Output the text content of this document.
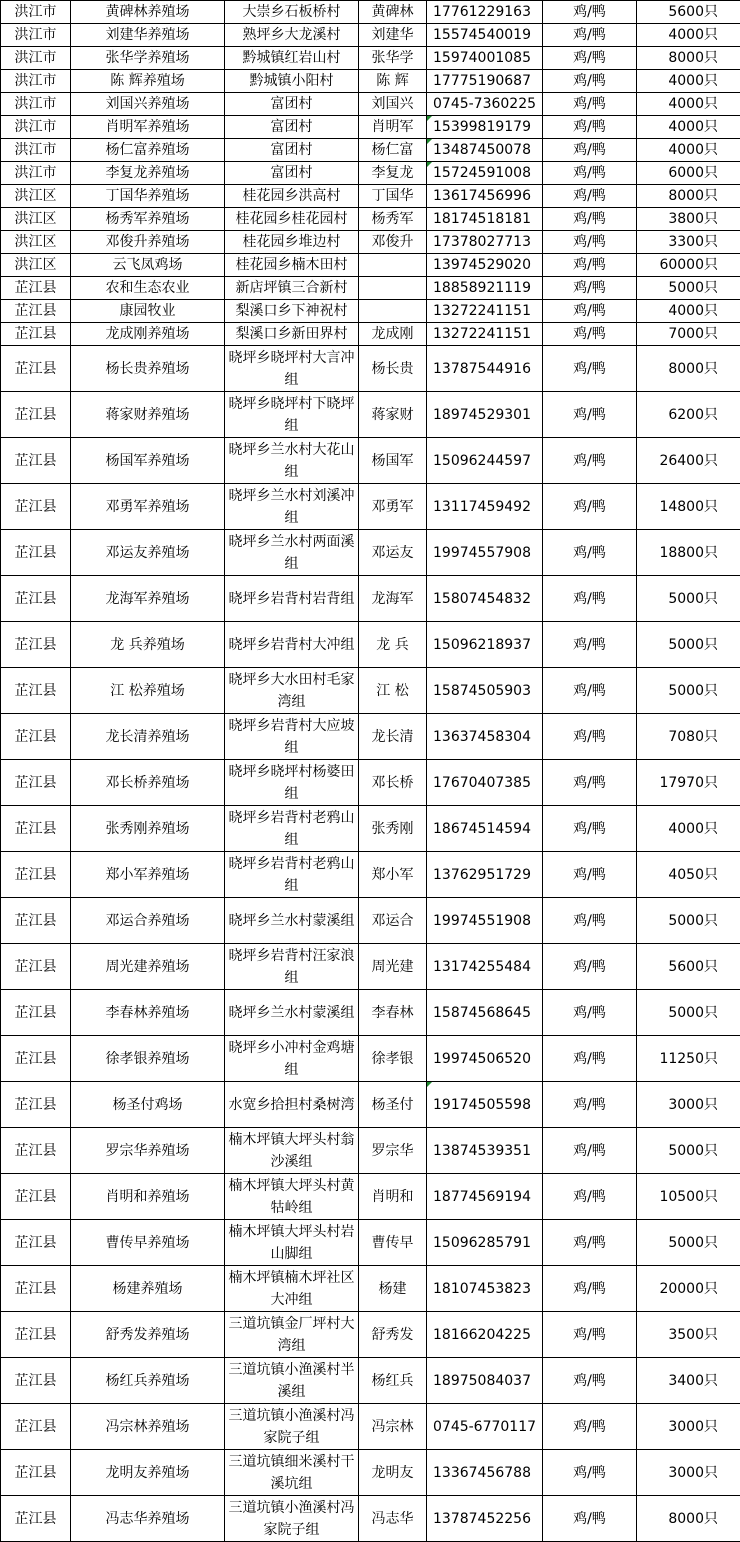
洪江市	黄碑林养殖场	大崇乡石板桥村	黄碑林	17761229163	鸡/鸭	5600只
洪江市	刘建华养殖场	熟坪乡大龙溪村	刘建华	15574540019	鸡/鸭	4000只
洪江市	张华学养殖场	黔城镇红岩山村	张华学	15974001085	鸡/鸭	8000只
洪江市	陈 辉养殖场	黔城镇小阳村	陈 辉	17775190687	鸡/鸭	4000只
洪江市	刘国兴养殖场	富团村	刘国兴	0745-7360225	鸡/鸭	4000只
洪江市	肖明军养殖场	富团村	肖明军	15399819179	鸡/鸭	4000只
洪江市	杨仁富养殖场	富团村	杨仁富	13487450078	鸡/鸭	4000只
洪江市	李复龙养殖场	富团村	李复龙	15724591008	鸡/鸭	6000只
洪江区	丁国华养殖场	桂花园乡洪高村	丁国华	13617456996	鸡/鸭	8000只
洪江区	杨秀军养殖场	桂花园乡桂花园村	杨秀军	18174518181	鸡/鸭	3800只
洪江区	邓俊升养殖场	桂花园乡堆边村	邓俊升	17378027713	鸡/鸭	3300只
洪江区	云飞凤鸡场	桂花园乡楠木田村		13974529020	鸡/鸭	60000只
芷江县	农和生态农业	新店坪镇三合新村		18858921119	鸡/鸭	5000只
芷江县	康园牧业	梨溪口乡下神祝村		13272241151	鸡/鸭	4000只
芷江县	龙成刚养殖场	梨溪口乡新田界村	龙成刚	13272241151	鸡/鸭	7000只
芷江县	杨长贵养殖场	晓坪乡晓坪村大言冲组	杨长贵	13787544916	鸡/鸭	8000只
芷江县	蒋家财养殖场	晓坪乡晓坪村下晓坪组	蒋家财	18974529301	鸡/鸭	6200只
芷江县	杨国军养殖场	晓坪乡兰水村大花山组	杨国军	15096244597	鸡/鸭	26400只
芷江县	邓勇军养殖场	晓坪乡兰水村刘溪冲组	邓勇军	13117459492	鸡/鸭	14800只
芷江县	邓运友养殖场	晓坪乡兰水村两面溪组	邓运友	19974557908	鸡/鸭	18800只
芷江县	龙海军养殖场	晓坪乡岩背村岩背组	龙海军	15807454832	鸡/鸭	5000只
芷江县	龙 兵养殖场	晓坪乡岩背村大冲组	龙 兵	15096218937	鸡/鸭	5000只
芷江县	江 松养殖场	晓坪乡大水田村毛家湾组	江 松	15874505903	鸡/鸭	5000只
芷江县	龙长清养殖场	晓坪乡岩背村大应坡组	龙长清	13637458304	鸡/鸭	7080只
芷江县	邓长桥养殖场	晓坪乡晓坪村杨婆田组	邓长桥	17670407385	鸡/鸭	17970只
芷江县	张秀刚养殖场	晓坪乡岩背村老鸦山组	张秀刚	18674514594	鸡/鸭	4000只
芷江县	郑小军养殖场	晓坪乡岩背村老鸦山组	郑小军	13762951729	鸡/鸭	4050只
芷江县	邓运合养殖场	晓坪乡兰水村蒙溪组	邓运合	19974551908	鸡/鸭	5000只
芷江县	周光建养殖场	晓坪乡岩背村汪家浪组	周光建	13174255484	鸡/鸭	5600只
芷江县	李春林养殖场	晓坪乡兰水村蒙溪组	李春林	15874568645	鸡/鸭	5000只
芷江县	徐孝银养殖场	晓坪乡小冲村金鸡塘组	徐孝银	19974506520	鸡/鸭	11250只
芷江县	杨圣付鸡场	水宽乡拾担村桑树湾	杨圣付	19174505598	鸡/鸭	3000只
芷江县	罗宗华养殖场	楠木坪镇大坪头村翁沙溪组	罗宗华	13874539351	鸡/鸭	5000只
芷江县	肖明和养殖场	楠木坪镇大坪头村黄牯岭组	肖明和	18774569194	鸡/鸭	10500只
芷江县	曹传早养殖场	楠木坪镇大坪头村岩山脚组	曹传早	15096285791	鸡/鸭	5000只
芷江县	杨建养殖场	楠木坪镇楠木坪社区大冲组	杨建	18107453823	鸡/鸭	20000只
芷江县	舒秀发养殖场	三道坑镇金厂坪村大湾组	舒秀发	18166204225	鸡/鸭	3500只
芷江县	杨红兵养殖场	三道坑镇小渔溪村半溪组	杨红兵	18975084037	鸡/鸭	3400只
芷江县	冯宗林养殖场	三道坑镇小渔溪村冯家院子组	冯宗林	0745-6770117	鸡/鸭	3000只
芷江县	龙明友养殖场	三道坑镇细米溪村干溪坑组	龙明友	13367456788	鸡/鸭	3000只
芷江县	冯志华养殖场	三道坑镇小渔溪村冯家院子组	冯志华	13787452256	鸡/鸭	8000只
